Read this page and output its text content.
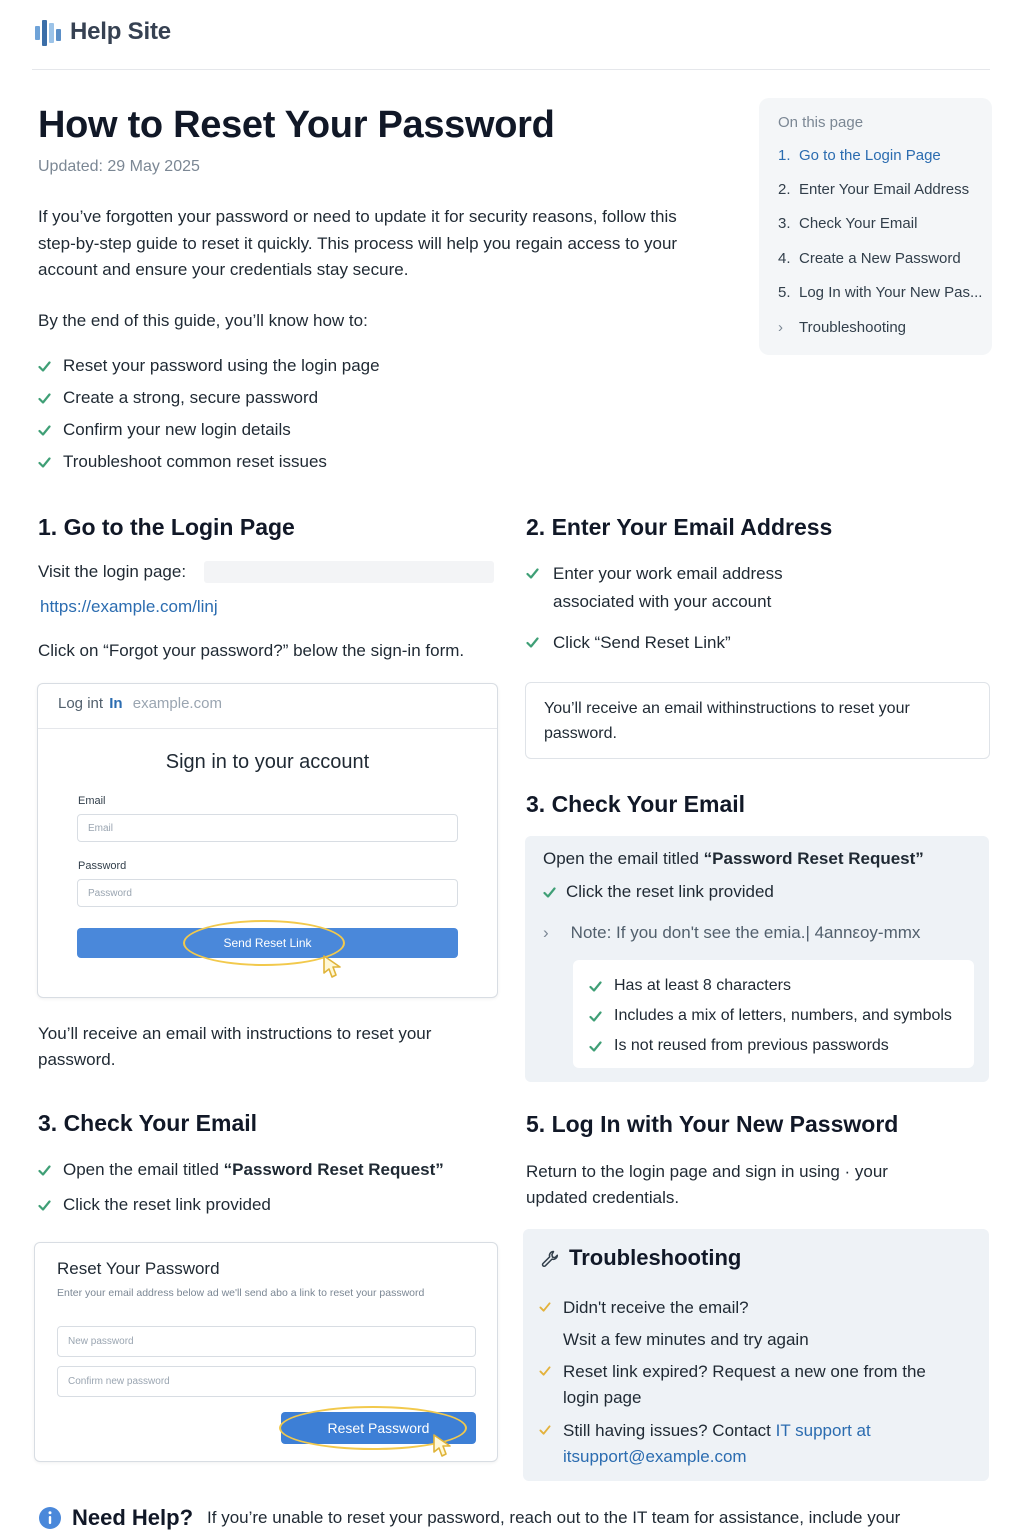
Help Site
How to Reset Your Password
Updated: 29 May 2025

If you’ve forgotten your password or need to update it for security reasons, follow this step-by-step guide to reset it quickly. This process will help you regain access to your account and ensure your credentials stay secure.

By the end of this guide, you’ll know how to:

Reset your password using the login page
Create a strong, secure password
Confirm your new login details
Troubleshoot common reset issues
On this page
1. Go to the Login Page
2. Enter Your Email Address
3. Check Your Email
4. Create a New Password
5. Log In with Your New Pas...
›	Troubleshooting
1. Go to the Login Page
Visit the login page:
https://example.com/linj
Click on “Forgot your password?” below the sign-in form.
Log int In example.com
Sign in to your account
Email
Email
Password
Password
Send Reset Link

You’ll receive an email with instructions to reset your password.

2. Enter Your Email Address
Enter your work email address associated with your account
Click “Send Reset Link”
You’ll receive an email withinstructions to reset your password.
3. Check Your Email
Open the email titled “Password Reset Request”
Click the reset link provided
› Note: If you don't see the emia.| 4annεoy-mmx
Has at least 8 characters
Includes a mix of letters, numbers, and symbols
Is not reused from previous passwords
3. Check Your Email
Open the email titled “Password Reset Request”
Click the reset link provided
Reset Your Password
Enter your email address below ad we'll send abo a link to reset your password
New password
Confirm new password
Reset Password
5. Log In with Your New Password

Return to the login page and sign in using · your updated credentials.

Troubleshooting
Didn't receive the email?
Wsit a few minutes and try again
Reset link expired? Request a new one from the login page
Still having issues? Contact IT support at itsupport@example.com
Need Help? If you’re unable to reset your password, reach out to the IT team for assistance, include your
